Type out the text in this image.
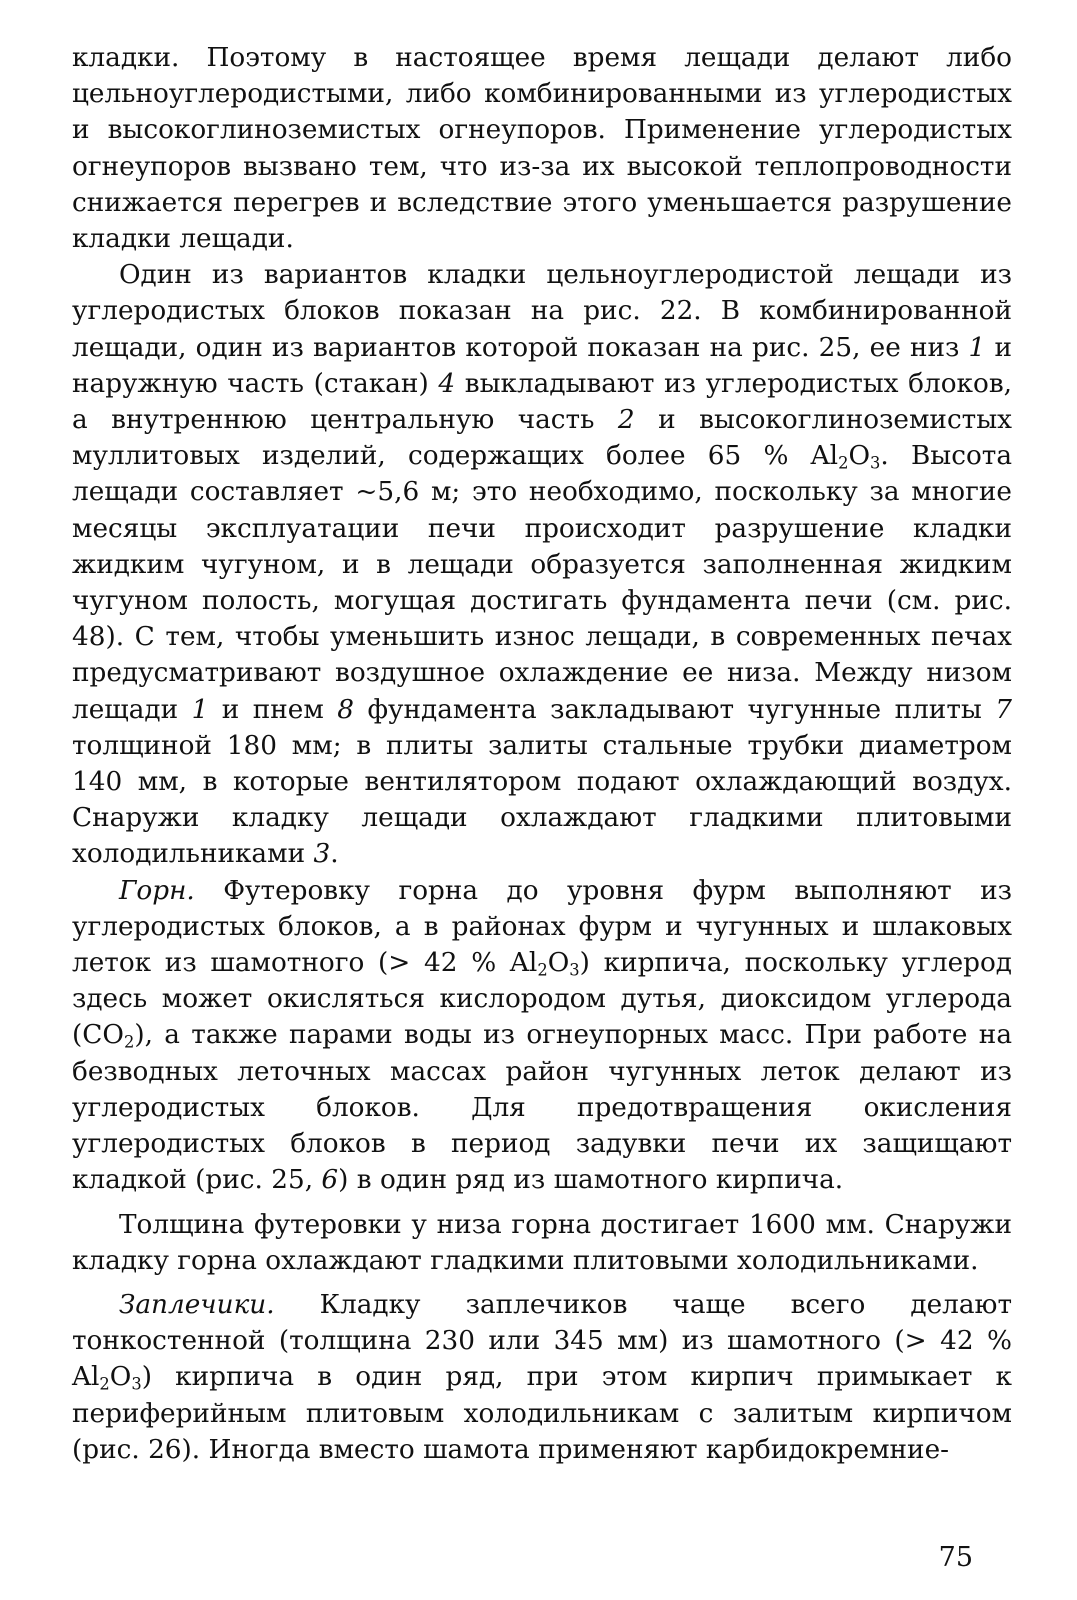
кладки. Поэтому в настоящее время лещади делают либо цельноуглеродистыми, либо комбинированными из углеродистых и высокоглиноземистых огнеупоров. Применение углеродистых огнеупоров вызвано тем, что из-за их высокой теплопроводности снижается перегрев и вследствие этого уменьшается разрушение кладки лещади.

Один из вариантов кладки цельноуглеродистой лещади из углеродистых блоков показан на рис. 22. В комбинированной лещади, один из вариантов которой показан на рис. 25, ее низ 1 и наружную часть (стакан) 4 выкладывают из углеродистых блоков, а внутреннюю центральную часть 2 и высокоглиноземистых муллитовых изделий, содержащих более 65 % $Al_2O_3$. Высота лещади составляет ~5,6 м; это необходимо, поскольку за многие месяцы эксплуатации печи происходит разрушение кладки жидким чугуном, и в лещади образуется заполненная жидким чугуном полость, могущая достигать фундамента печи (см. рис. 48). С тем, чтобы уменьшить износ лещади, в современных печах предусматривают воздушное охлаждение ее низа. Между низом лещади 1 и пнем 8 фундамента закладывают чугунные плиты 7 толщиной 180 мм; в плиты залиты стальные трубки диаметром 140 мм, в которые вентилятором подают охлаждающий воздух. Снаружи кладку лещади охлаждают гладкими плитовыми холодильниками 3.

Горн. Футеровку горна до уровня фурм выполняют из углеродистых блоков, а в районах фурм и чугунных и шлаковых леток из шамотного (> 42 % $Al_2O_3$) кирпича, поскольку углерод здесь может окисляться кислородом дутья, диоксидом углерода $(CO_2)$, а также парами воды из огнеупорных масс. При работе на безводных леточных массах район чугунных леток делают из углеродистых блоков. Для предотвращения окисления углеродистых блоков в период задувки печи их защищают кладкой (рис. 25, 6) в один ряд из шамотного кирпича.

Толщина футеровки у низа горна достигает 1600 мм. Снаружи кладку горна охлаждают гладкими плитовыми холодильниками.

Заплечики. Кладку заплечиков чаще всего делают тонкостенной (толщина 230 или 345 мм) из шамотного (> 42 % $Al_2O_3$) кирпича в один ряд, при этом кирпич примыкает к периферийным плитовым холодильникам с залитым кирпичом (рис. 26). Иногда вместо шамота применяют карбидокремние-

75
